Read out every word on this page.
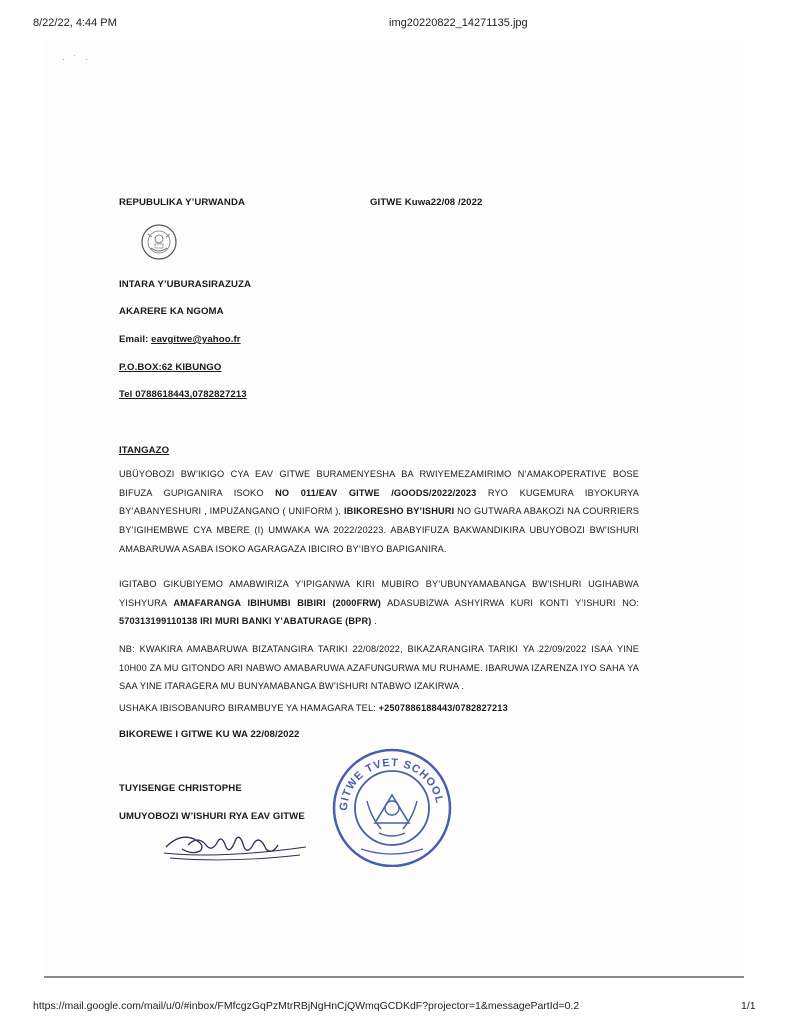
8/22/22, 4:44 PM	img20220822_14271135.jpg
· ˙ ·
REPUBULIKA Y’URWANDA	GITWE Kuwa22/08 /2022
INTARA Y’UBURASIRAZUZA
AKARERE KA NGOMA
Email: eavgitwe@yahoo.fr
P.O.BOX:62 KIBUNGO
Tel 0788618443,0782827213
ITANGAZO
UBÜYOBOZI BW’IKIGO CYA EAV GITWE BURAMENYESHA BA RWIYEMEZAMIRIMO N’AMAKOPERATIVE BOSE BIFUZA GUPIGANIRA ISOKO NO 011/EAV GITWE /GOODS/2022/2023 RYO KUGEMURA IBYOKURYA BY’ABANYESHURI , IMPUZANGANO ( UNIFORM ), IBIKORESHO BY’ISHURI NO GUTWARA ABAKOZI NA COURRIERS BY’IGIHEMBWE CYA MBERE (I) UMWAKA WA 2022/20223. ABABYIFUZA BAKWANDIKIRA UBUYOBOZI BW’ISHURI AMABARUWA ASABA ISOKO AGARAGAZA IBICIRO BY’IBYO BAPIGANIRA.
IGITABO GIKUBIYEMO AMABWIRIZA Y’IPIGANWA KIRI MUBIRO BY’UBUNYAMABANGA BW’ISHURI UGIHABWA YISHYURA AMAFARANGA IBIHUMBI BIBIRI (2000FRW) ADASUBIZWA ASHYIRWA KURI KONTI Y’ISHURI NO: 570313199110138 IRI MURI BANKI Y’ABATURAGE (BPR) .
NB: KWAKIRA AMABARUWA BIZATANGIRA TARIKI 22/08/2022, BIKAZARANGIRA TARIKI YA 22/09/2022 ISAA YINE 10H00 ZA MU GITONDO ARI NABWO AMABARUWA AZAFUNGURWA MU RUHAME. IBARUWA IZARENZA IYO SAHA YA SAA YINE ITARAGERA MU BUNYAMABANGA BW’ISHURI NTABWO IZAKIRWA .
USHAKA IBISOBANURO BIRAMBUYE YA HAMAGARA TEL: +2507886188443/0782827213
BIKOREWE I GITWE KU WA 22/08/2022
TUYISENGE CHRISTOPHE
UMUYOBOZI W’ISHURI RYA EAV GITWE
GITWE TVET SCHOOL
https://mail.google.com/mail/u/0/#inbox/FMfcgzGqPzMtrRBjNgHnCjQWmqGCDKdF?projector=1&messagePartId=0.2	1/1
